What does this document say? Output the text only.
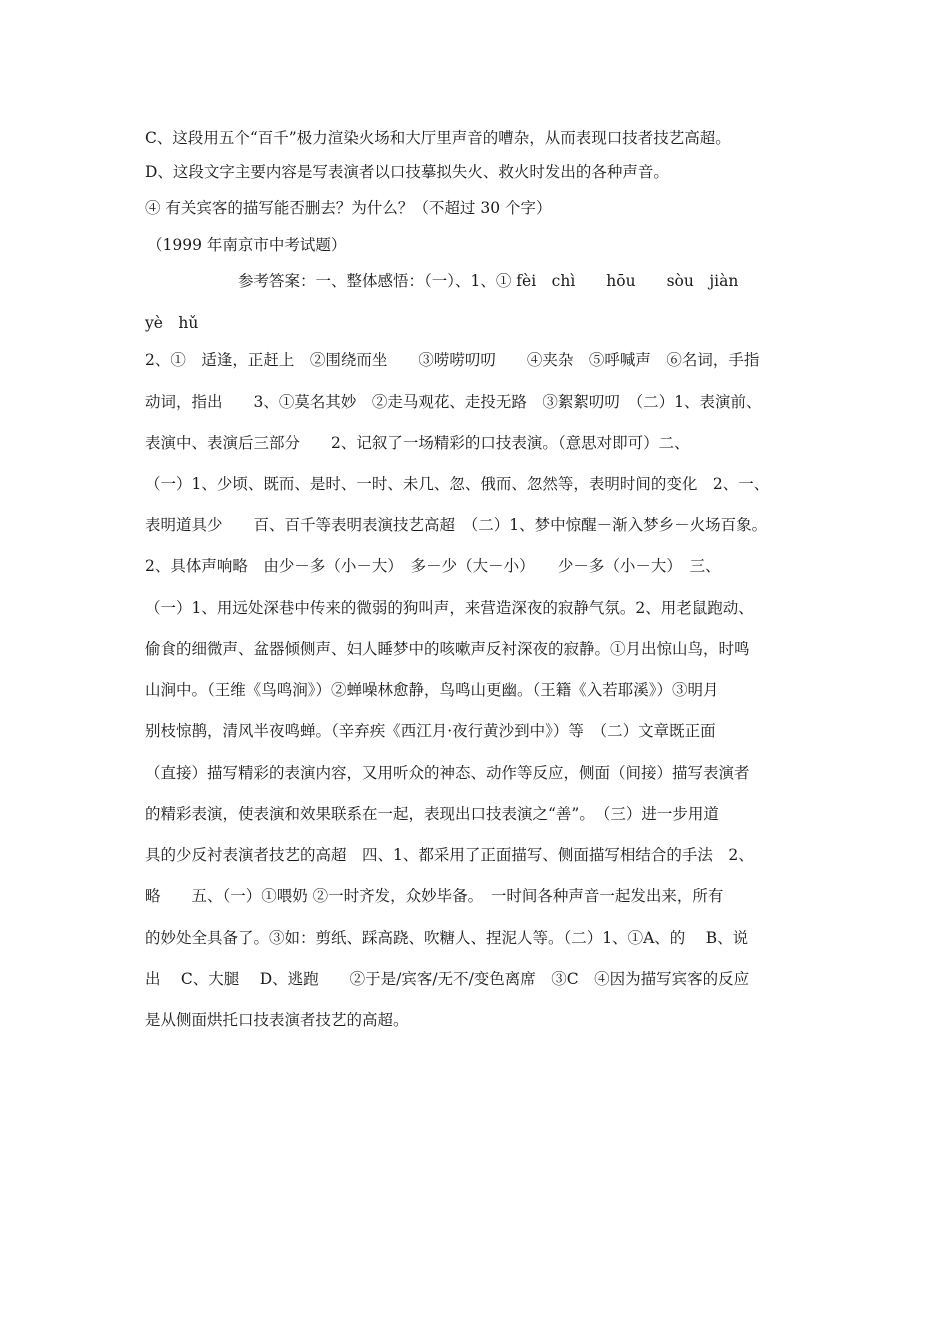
C、这段用五个“百千”极力渲染火场和大厅里声音的嘈杂，从而表现口技者技艺高超。
D、这段文字主要内容是写表演者以口技摹拟失火、救火时发出的各种声音。
④ 有关宾客的描写能否删去？为什么？（不超过 30 个字）
（1999 年南京市中考试题）
参考答案：一、整体感悟：（一）、1、① fèi　chì　　hōu　　sòu　jiàn
yè　hǔ
2、①　适逢，正赶上　②围绕而坐　　③唠唠叨叨　　④夹杂　⑤呼喊声　⑥名词，手指
动词，指出　　3、①莫名其妙　②走马观花、走投无路　③絮絮叨叨　（二）1、表演前、
表演中、表演后三部分　　2、记叙了一场精彩的口技表演。（意思对即可）二、
（一）1、少顷、既而、是时、一时、未几、忽、俄而、忽然等，表明时间的变化　2、一、
表明道具少　　百、百千等表明表演技艺高超　（二）1、梦中惊醒－渐入梦乡－火场百象。
2、具体声响略　由少－多（小－大）　多－少（大－小）　　少－多（小－大）　三、
（一）1、用远处深巷中传来的微弱的狗叫声，来营造深夜的寂静气氛。2、用老鼠跑动、
偷食的细微声、盆器倾侧声、妇人睡梦中的咳嗽声反衬深夜的寂静。①月出惊山鸟，时鸣
山涧中。（王维《鸟鸣涧》）②蝉噪林愈静，鸟鸣山更幽。（王籍《入若耶溪》）③明月
别枝惊鹊，清风半夜鸣蝉。（辛弃疾《西江月·夜行黄沙到中》）等　（二）文章既正面
（直接）描写精彩的表演内容，又用听众的神态、动作等反应，侧面（间接）描写表演者
的精彩表演，使表演和效果联系在一起，表现出口技表演之“善”。　（三）进一步用道
具的少反衬表演者技艺的高超　四、1、都采用了正面描写、侧面描写相结合的手法　2、
略　　五、（一）①喂奶 ②一时齐发，众妙毕备。　一时间各种声音一起发出来，所有
的妙处全具备了。③如：剪纸、踩高跷、吹糖人、捏泥人等。（二）1、①A、的　 B、说
出　 C、大腿　 D、逃跑　　②于是/宾客/无不/变色离席　③C　④因为描写宾客的反应
是从侧面烘托口技表演者技艺的高超。
